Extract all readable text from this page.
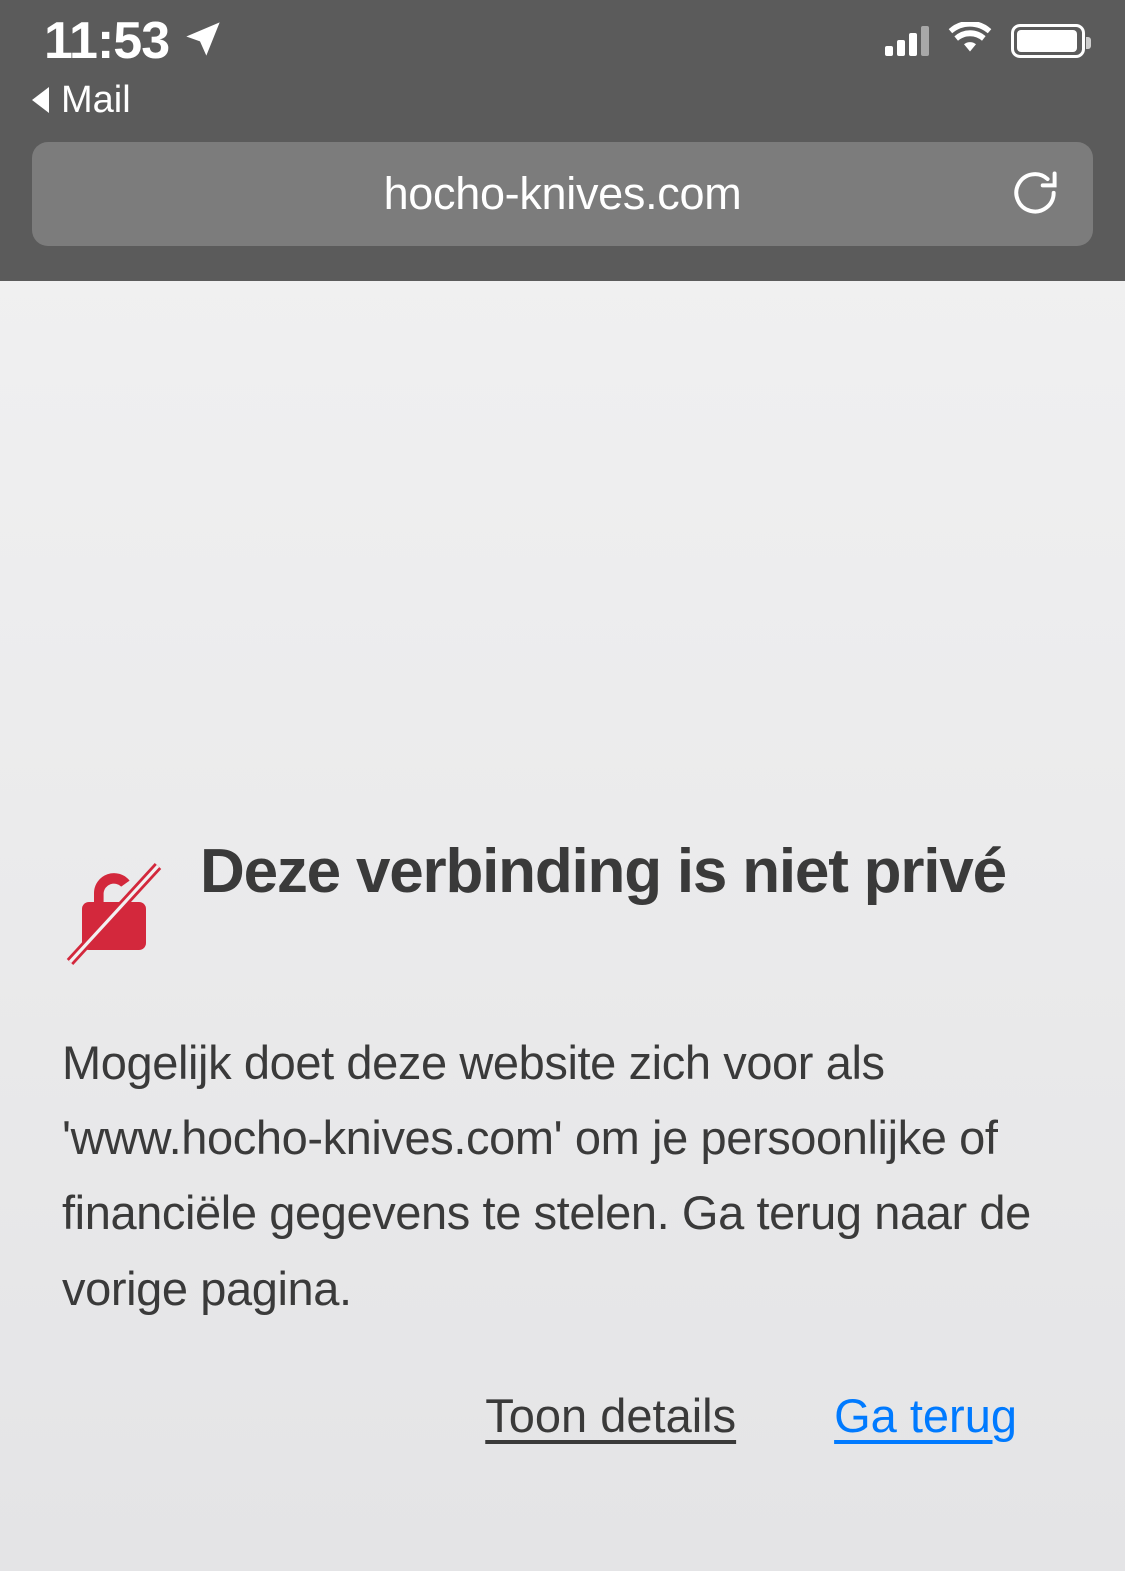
11:53
Mail
hocho-knives.com
Deze verbinding is niet privé

Mogelijk doet deze website zich voor als 'www.hocho-knives.com' om je persoonlijke of financiële gegevens te stelen. Ga terug naar de vorige pagina.

Toon details Ga terug
